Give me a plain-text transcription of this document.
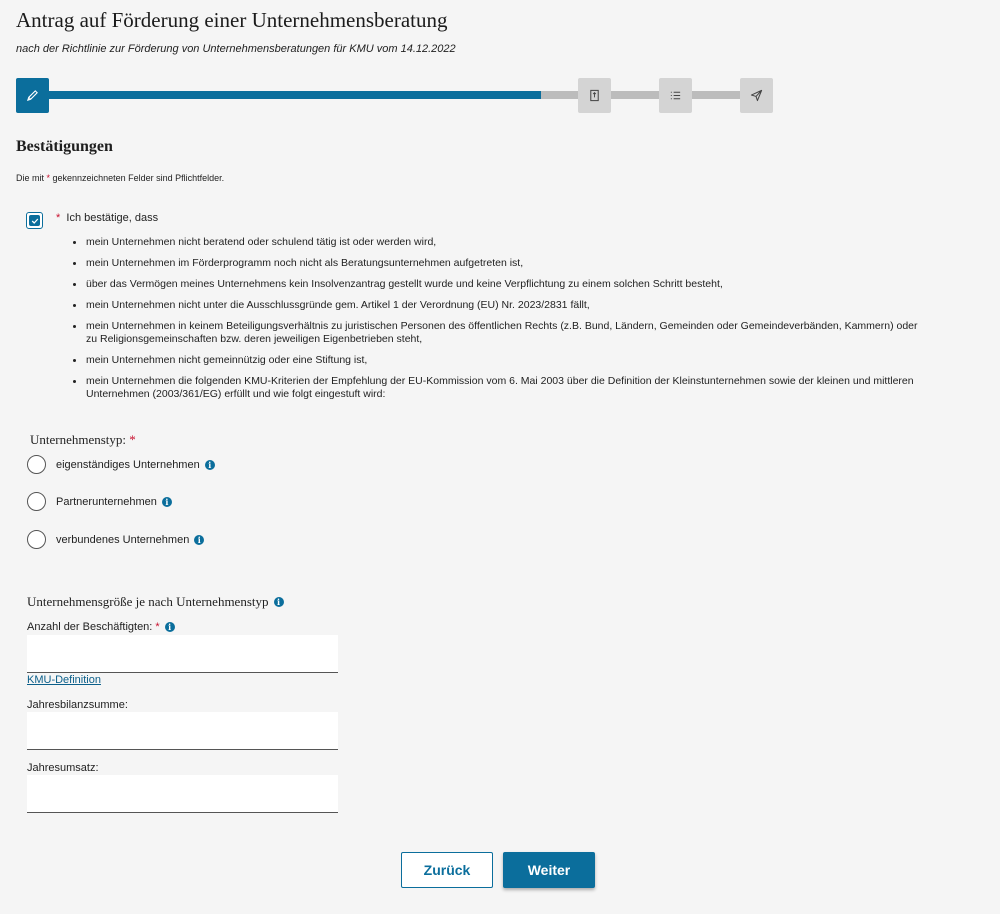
Antrag auf Förderung einer Unternehmensberatung
nach der Richtlinie zur Förderung von Unternehmensberatungen für KMU vom 14.12.2022
Bestätigungen
Die mit * gekennzeichneten Felder sind Pflichtfelder.
* Ich bestätige, dass
mein Unternehmen nicht beratend oder schulend tätig ist oder werden wird,
mein Unternehmen im Förderprogramm noch nicht als Beratungsunternehmen aufgetreten ist,
über das Vermögen meines Unternehmens kein Insolvenzantrag gestellt wurde und keine Verpflichtung zu einem solchen Schritt besteht,
mein Unternehmen nicht unter die Ausschlussgründe gem. Artikel 1 der Verordnung (EU) Nr. 2023/2831 fällt,
mein Unternehmen in keinem Beteiligungsverhältnis zu juristischen Personen des öffentlichen Rechts (z.B. Bund, Ländern, Gemeinden oder Gemeindeverbänden, Kammern) oder zu Religionsgemeinschaften bzw. deren jeweiligen Eigenbetrieben steht,
mein Unternehmen nicht gemeinnützig oder eine Stiftung ist,
mein Unternehmen die folgenden KMU-Kriterien der Empfehlung der EU-Kommission vom 6. Mai 2003 über die Definition der Kleinstunternehmen sowie der kleinen und mittleren Unternehmen (2003/361/EG) erfüllt und wie folgt eingestuft wird:
Unternehmenstyp: *
eigenständiges Unternehmen	i
Partnerunternehmen	i
verbundenes Unternehmen	i
Unternehmensgröße je nach Unternehmenstyp	i
Anzahl der Beschäftigten:
*	i
KMU-Definition
Jahresbilanzsumme:
Jahresumsatz:
Zurück	Weiter
